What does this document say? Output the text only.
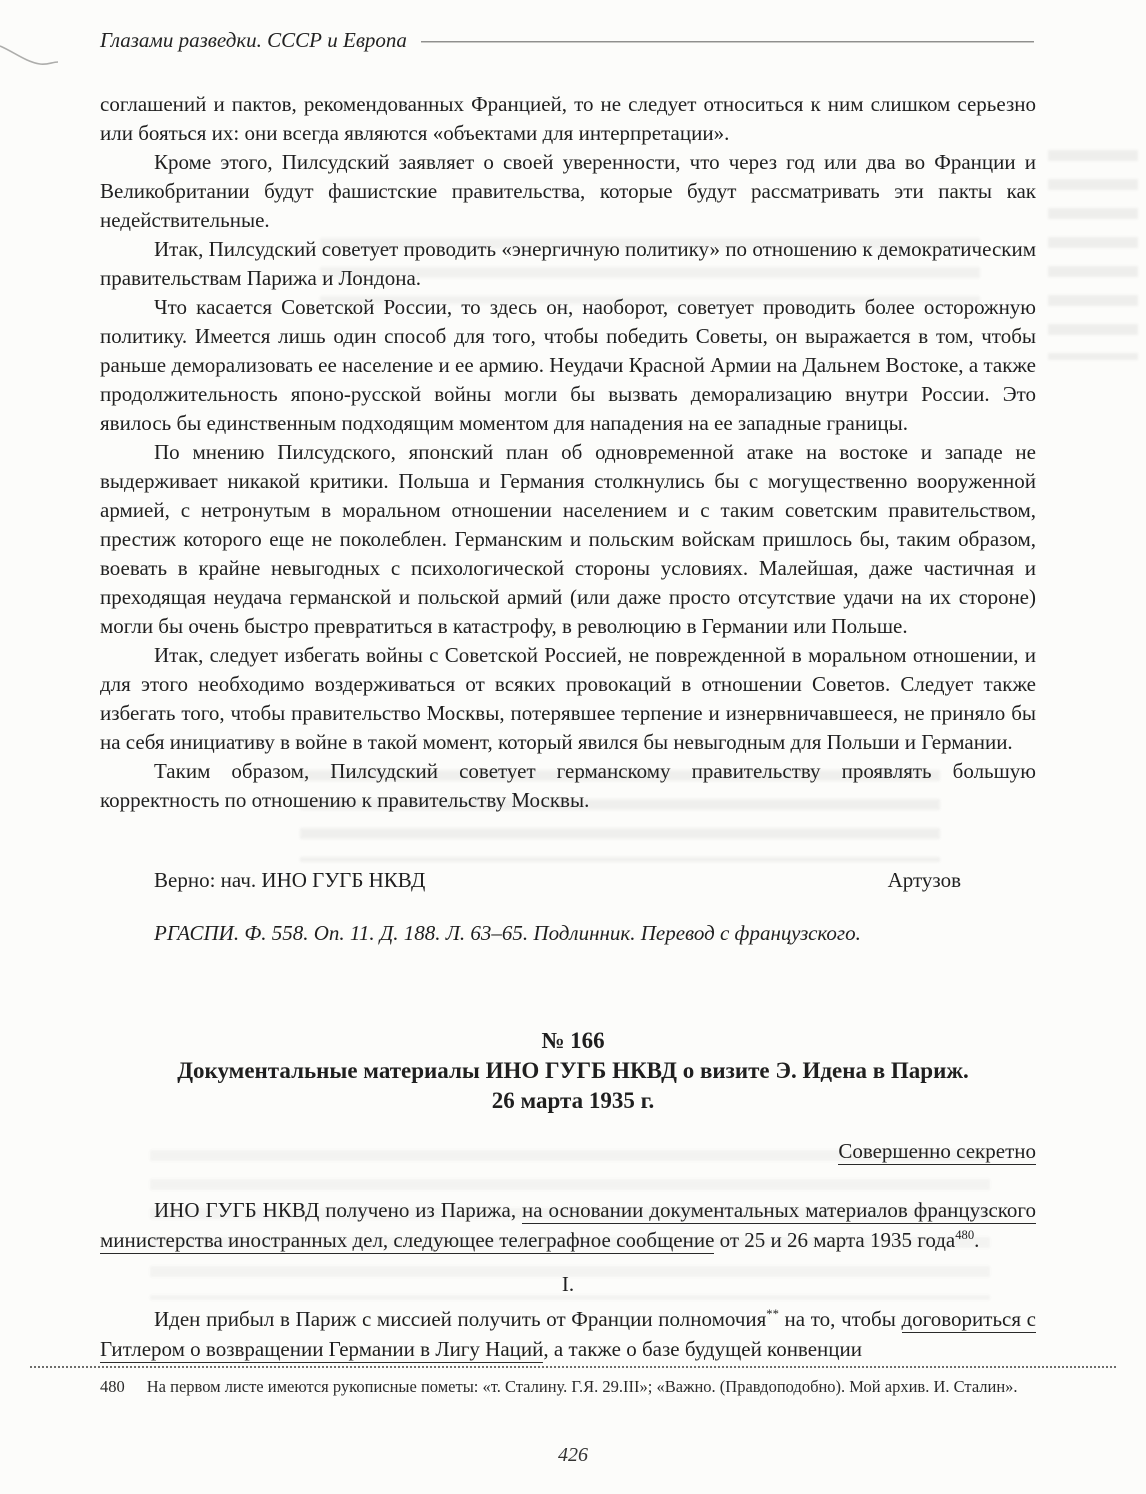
Глазами разведки. СССР и Европа

соглашений и пактов, рекомендованных Францией, то не следует относиться к ним слишком серьезно или бояться их: они всегда являются «объектами для интерпретации».

Кроме этого, Пилсудский заявляет о своей уверенности, что через год или два во Франции и Великобритании будут фашистские правительства, которые будут рассматривать эти пакты как недействительные.

Итак, Пилсудский советует проводить «энергичную политику» по отношению к демократическим правительствам Парижа и Лондона.

Что касается Советской России, то здесь он, наоборот, советует проводить более осторожную политику. Имеется лишь один способ для того, чтобы победить Советы, он выражается в том, чтобы раньше деморализовать ее население и ее армию. Неудачи Красной Армии на Дальнем Востоке, а также продолжительность японо-русской войны могли бы вызвать деморализацию внутри России. Это явилось бы единственным подходящим моментом для нападения на ее западные границы.

По мнению Пилсудского, японский план об одновременной атаке на востоке и западе не выдерживает никакой критики. Польша и Германия столкнулись бы с могущественно вооруженной армией, с нетронутым в моральном отношении населением и с таким советским правительством, престиж которого еще не поколеблен. Германским и польским войскам пришлось бы, таким образом, воевать в крайне невыгодных с психологической стороны условиях. Малейшая, даже частичная и преходящая неудача германской и польской армий (или даже просто отсутствие удачи на их стороне) могли бы очень быстро превратиться в катастрофу, в революцию в Германии или Польше.

Итак, следует избегать войны с Советской Россией, не поврежденной в моральном отношении, и для этого необходимо воздерживаться от всяких провокаций в отношении Советов. Следует также избегать того, чтобы правительство Москвы, потерявшее терпение и изнервничавшееся, не приняло бы на себя инициативу в войне в такой момент, который явился бы невыгодным для Польши и Германии.

Таким образом, Пилсудский советует германскому правительству проявлять большую корректность по отношению к правительству Москвы.

Верно: нач. ИНО ГУГБ НКВД	Артузов
РГАСПИ. Ф. 558. Оп. 11. Д. 188. Л. 63–65. Подлинник. Перевод с французского.
№ 166
Документальные материалы ИНО ГУГБ НКВД о визите Э. Идена в Париж.
26 марта 1935 г.
Совершенно секретно
ИНО ГУГБ НКВД получено из Парижа, на основании документальных материалов французского министерства иностранных дел, следующее телеграфное сообщение от 25 и 26 марта 1935 года$^{480}$.
I.
Иден прибыл в Париж с миссией получить от Франции полномочия** на то, чтобы договориться с Гитлером о возвращении Германии в Лигу Наций, а также о базе будущей конвенции
480 На первом листе имеются рукописные пометы: «т. Сталину. Г.Я. 29.III»; «Важно. (Правдоподобно). Мой архив. И. Сталин».
426
